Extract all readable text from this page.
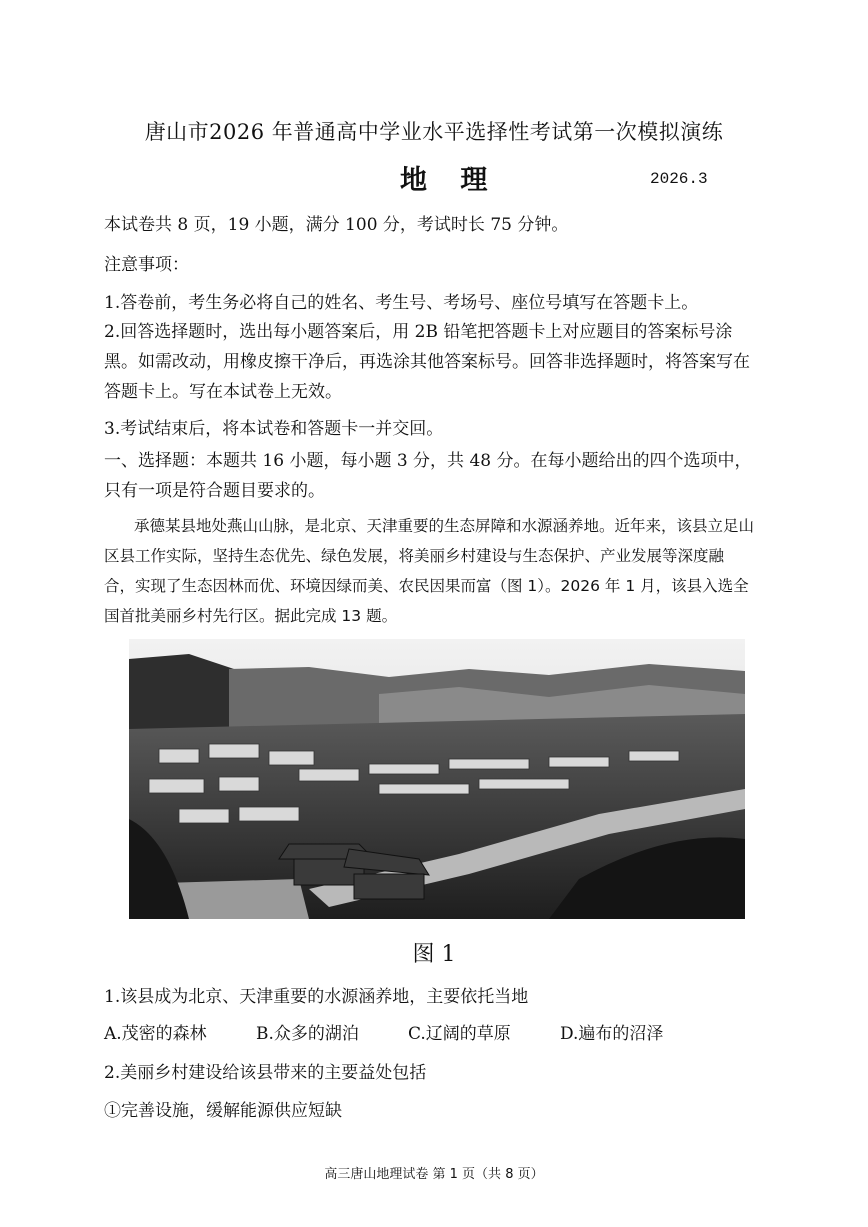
唐山市2026 年普通高中学业水平选择性考试第一次模拟演练
地 理	2026.3
本试卷共 8 页，19 小题，满分 100 分，考试时长 75 分钟。
注意事项：
1.答卷前，考生务必将自己的姓名、考生号、考场号、座位号填写在答题卡上。
2.回答选择题时，选出每小题答案后，用 2B 铅笔把答题卡上对应题目的答案标号涂黑。如需改动，用橡皮擦干净后，再选涂其他答案标号。回答非选择题时，将答案写在答题卡上。写在本试卷上无效。
3.考试结束后，将本试卷和答题卡一并交回。
一、选择题：本题共 16 小题，每小题 3 分，共 48 分。在每小题给出的四个选项中，只有一项是符合题目要求的。
承德某县地处燕山山脉，是北京、天津重要的生态屏障和水源涵养地。近年来，该县立足山区县工作实际，坚持生态优先、绿色发展，将美丽乡村建设与生态保护、产业发展等深度融合，实现了生态因林而优、环境因绿而美、农民因果而富（图 1）。2026 年 1 月，该县入选全国首批美丽乡村先行区。据此完成 13 题。
图 1
1.该县成为北京、天津重要的水源涵养地，主要依托当地
A.茂密的森林	B.众多的湖泊	C.辽阔的草原	D.遍布的沼泽
2.美丽乡村建设给该县带来的主要益处包括
①完善设施，缓解能源供应短缺
高三唐山地理试卷 第 1 页（共 8 页）
